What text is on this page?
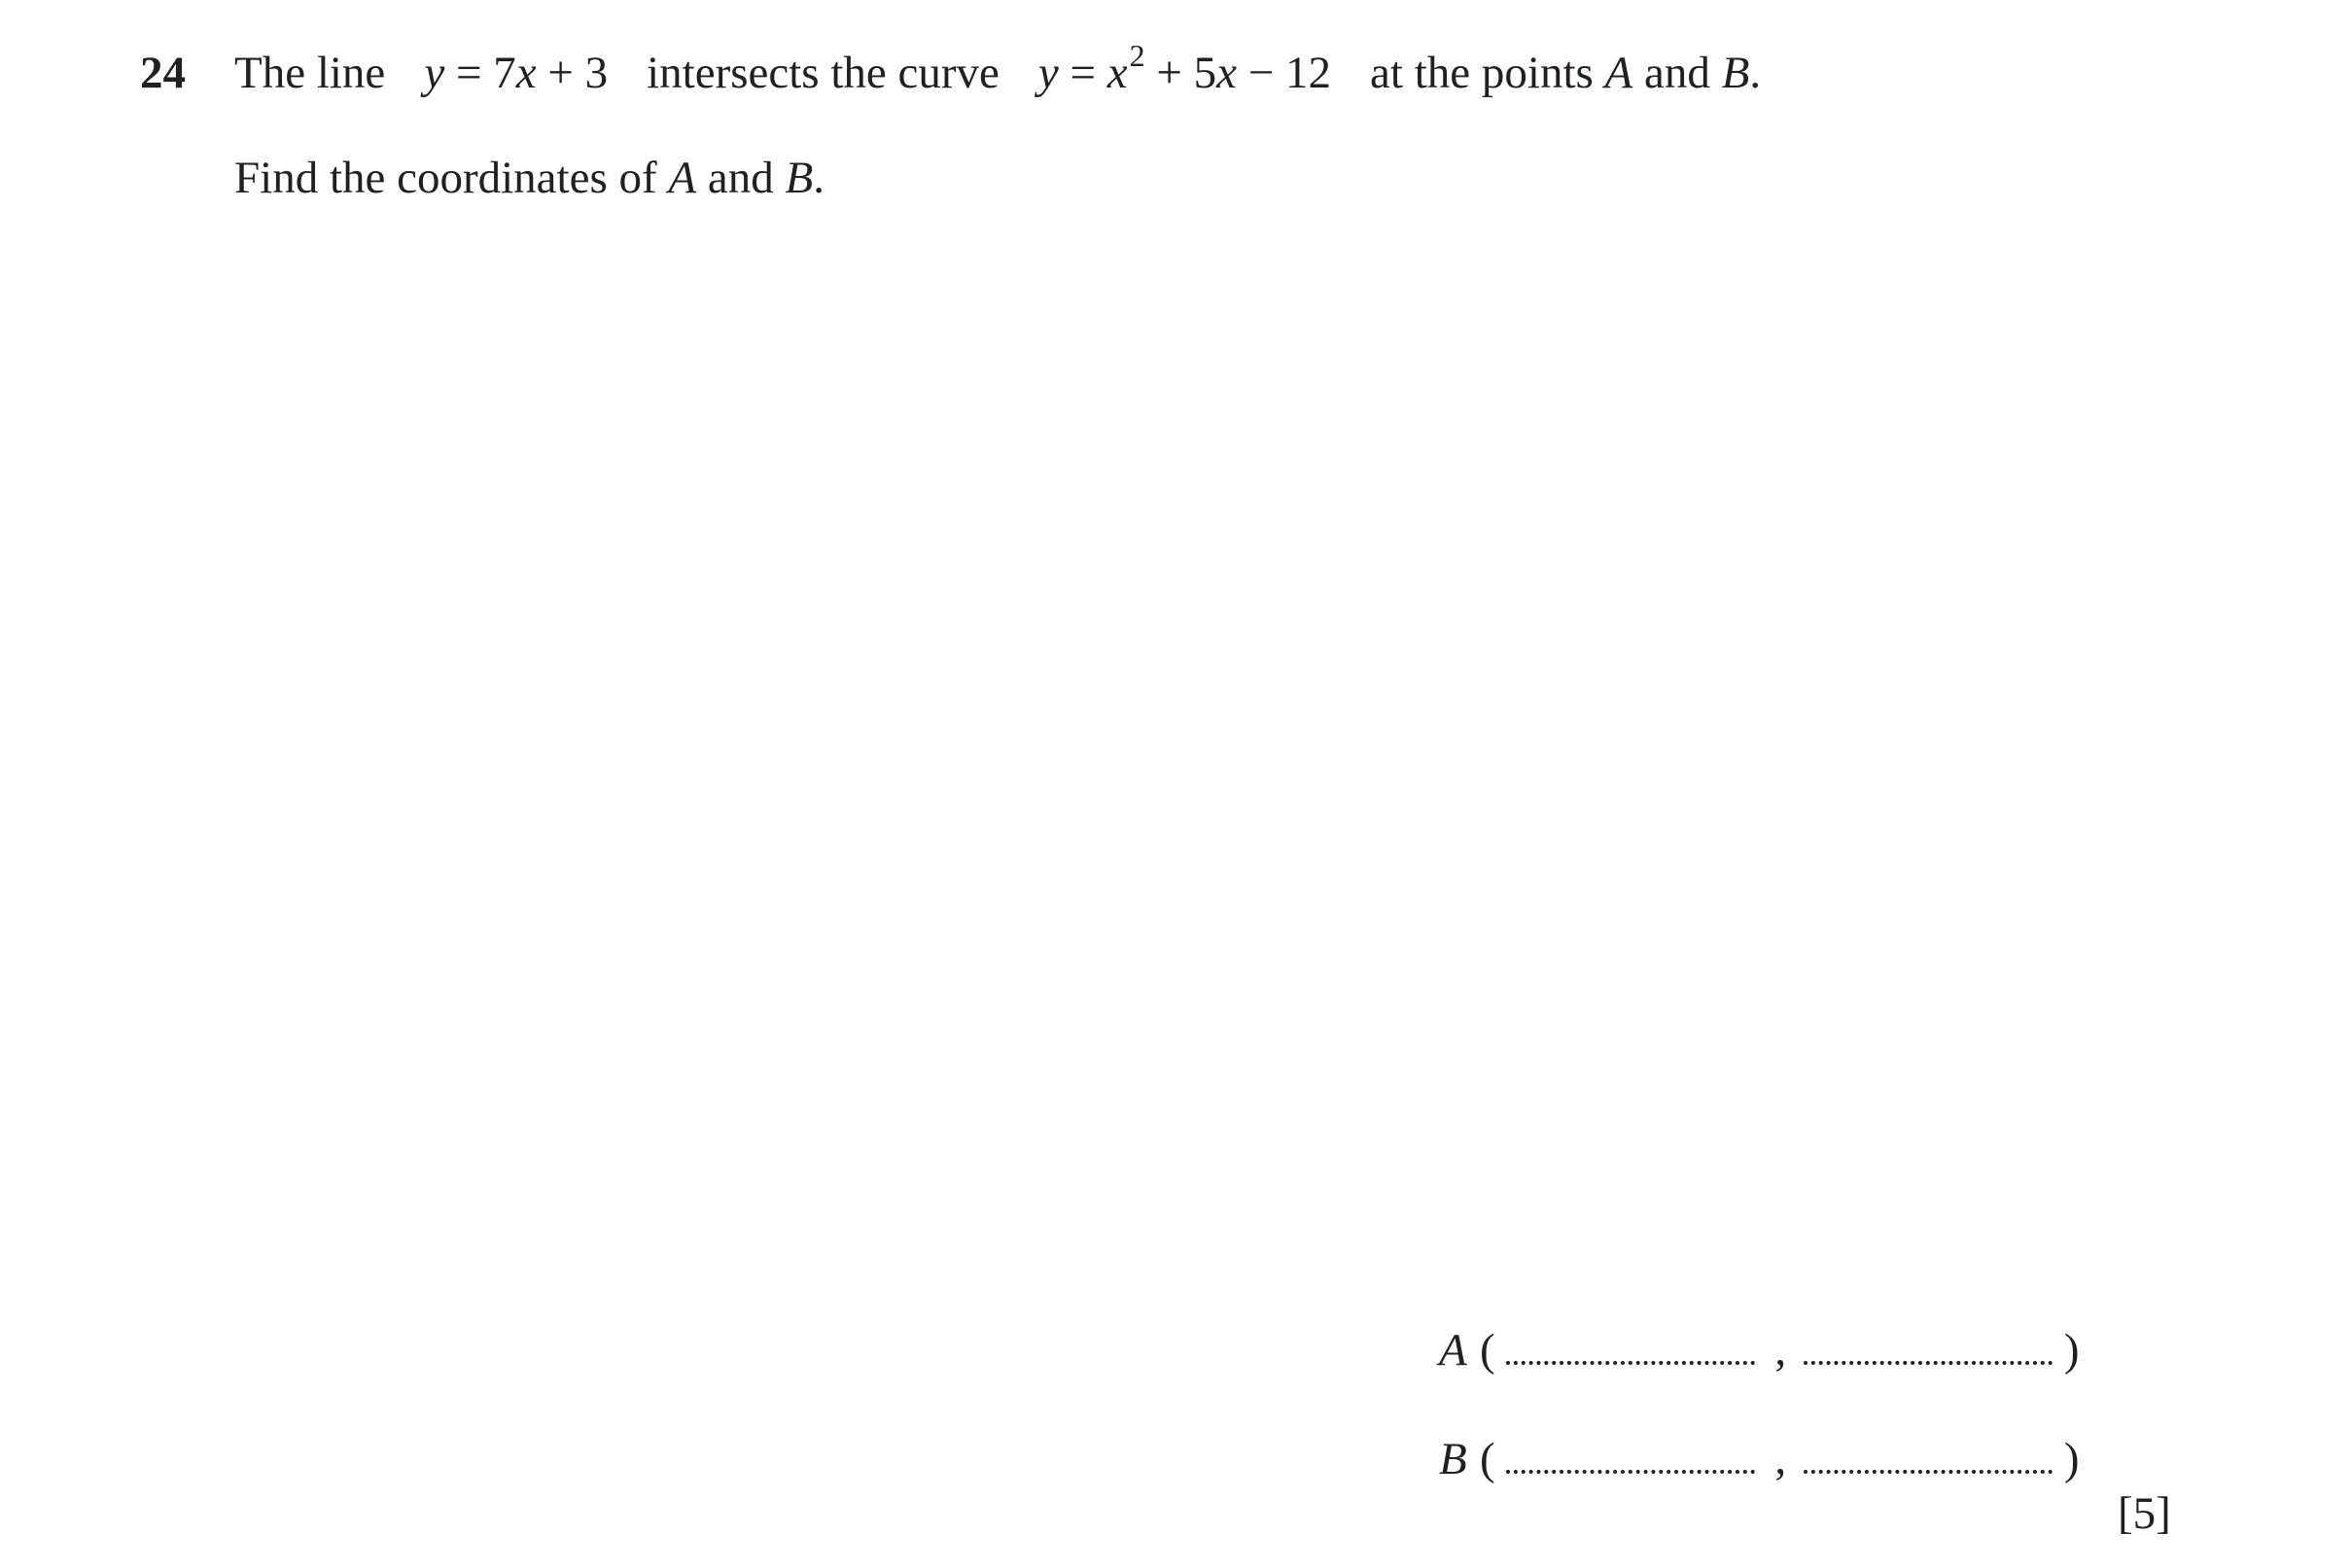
24 The line y = 7x + 3 intersects the curve $y = x^2 + 5x - 12$ at the points A and B.
Find the coordinates of A and B.
A (	,	)
B (	,	)
[5]
